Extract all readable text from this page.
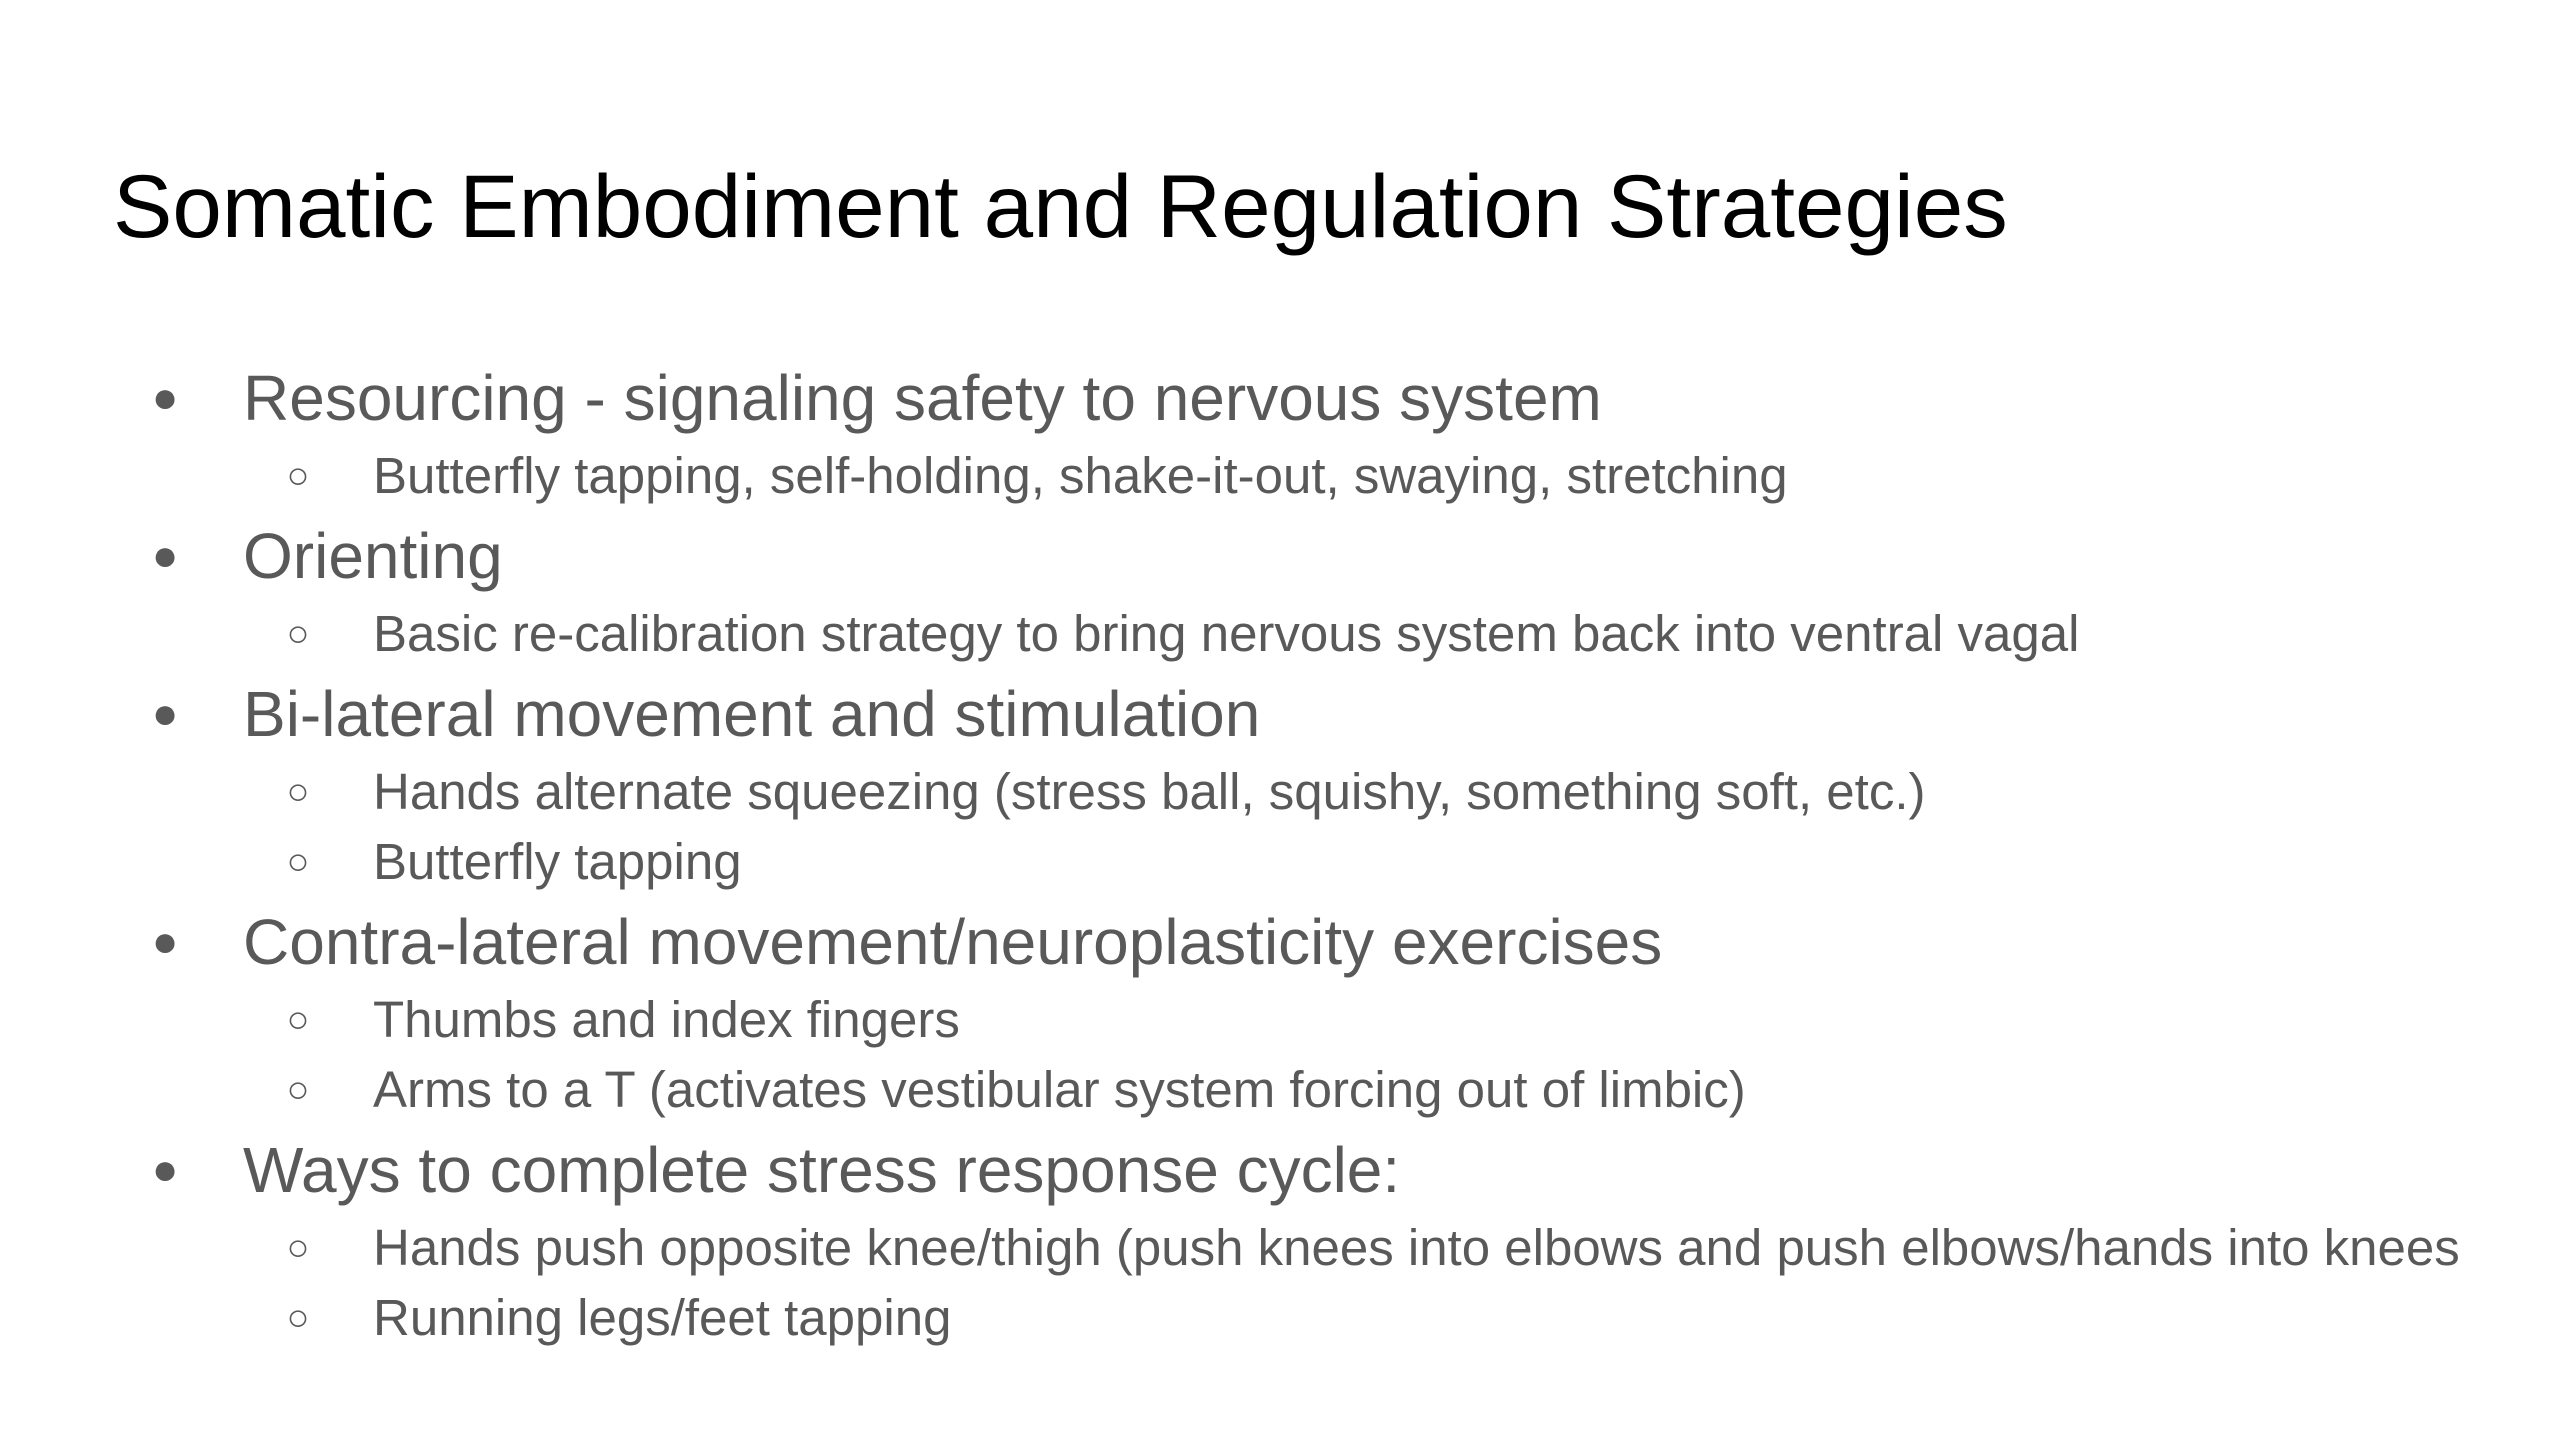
Somatic Embodiment and Regulation Strategies
● Resourcing - signaling safety to nervous system
○ Butterfly tapping, self-holding, shake-it-out, swaying, stretching
● Orienting
○ Basic re-calibration strategy to bring nervous system back into ventral vagal
● Bi-lateral movement and stimulation
○ Hands alternate squeezing (stress ball, squishy, something soft, etc.)
○ Butterfly tapping
● Contra-lateral movement/neuroplasticity exercises
○ Thumbs and index fingers
○ Arms to a T (activates vestibular system forcing out of limbic)
● Ways to complete stress response cycle:
○ Hands push opposite knee/thigh (push knees into elbows and push elbows/hands into knees
○ Running legs/feet tapping
